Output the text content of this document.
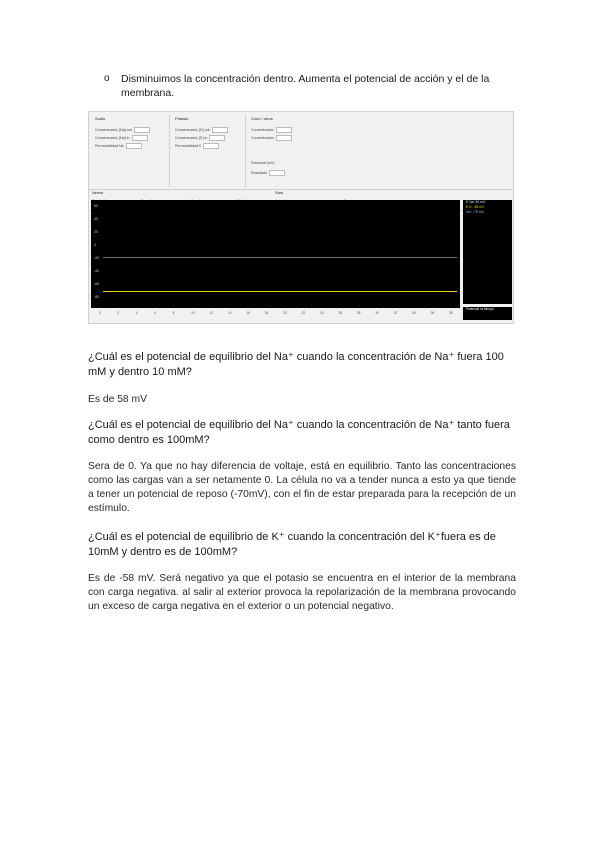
o Disminuimos la concentración dentro. Aumenta el potencial de acción y el de la membrana.
Sodio
Concentración [Na] out
Concentración [Na] in
Permeabilidad Na
Potasio
Concentración [K] out
Concentración [K] in
Permeabilidad K
Cloro / otros
Concentración
Concentración
Potencial (mV)
Resultado
Nernst	Start
60
40
20
0
-20
-40
-60
-80
E Na: 50 mV
E K: -58 mV
Vm: -70 mV
Potencial vs tiempo
0	2	4	6	8	10	12	14	16	18	20	22	24	26	28	30	32	34	36	38
¿Cuál es el potencial de equilibrio del Na⁺ cuando la concentración de Na⁺ fuera 100 mM y dentro 10 mM?
Es de 58 mV
¿Cuál es el potencial de equilibrio del Na⁺ cuando la concentración de Na⁺ tanto fuera como dentro es 100mM?
Sera de 0. Ya que no hay diferencia de voltaje, está en equilibrio. Tanto las concentraciones como las cargas van a ser netamente 0. La célula no va a tender nunca a esto ya que tiende a tener un potencial de reposo (-70mV), con el fin de estar preparada para la recepción de un estímulo.
¿Cuál es el potencial de equilibrio de K⁺ cuando la concentración del K⁺fuera es de 10mM y dentro es de 100mM?
Es de -58 mV. Será negativo ya que el potasio se encuentra en el interior de la membrana con carga negativa. al salir al exterior provoca la repolarización de la membrana provocando un exceso de carga negativa en el exterior o un potencial negativo.
